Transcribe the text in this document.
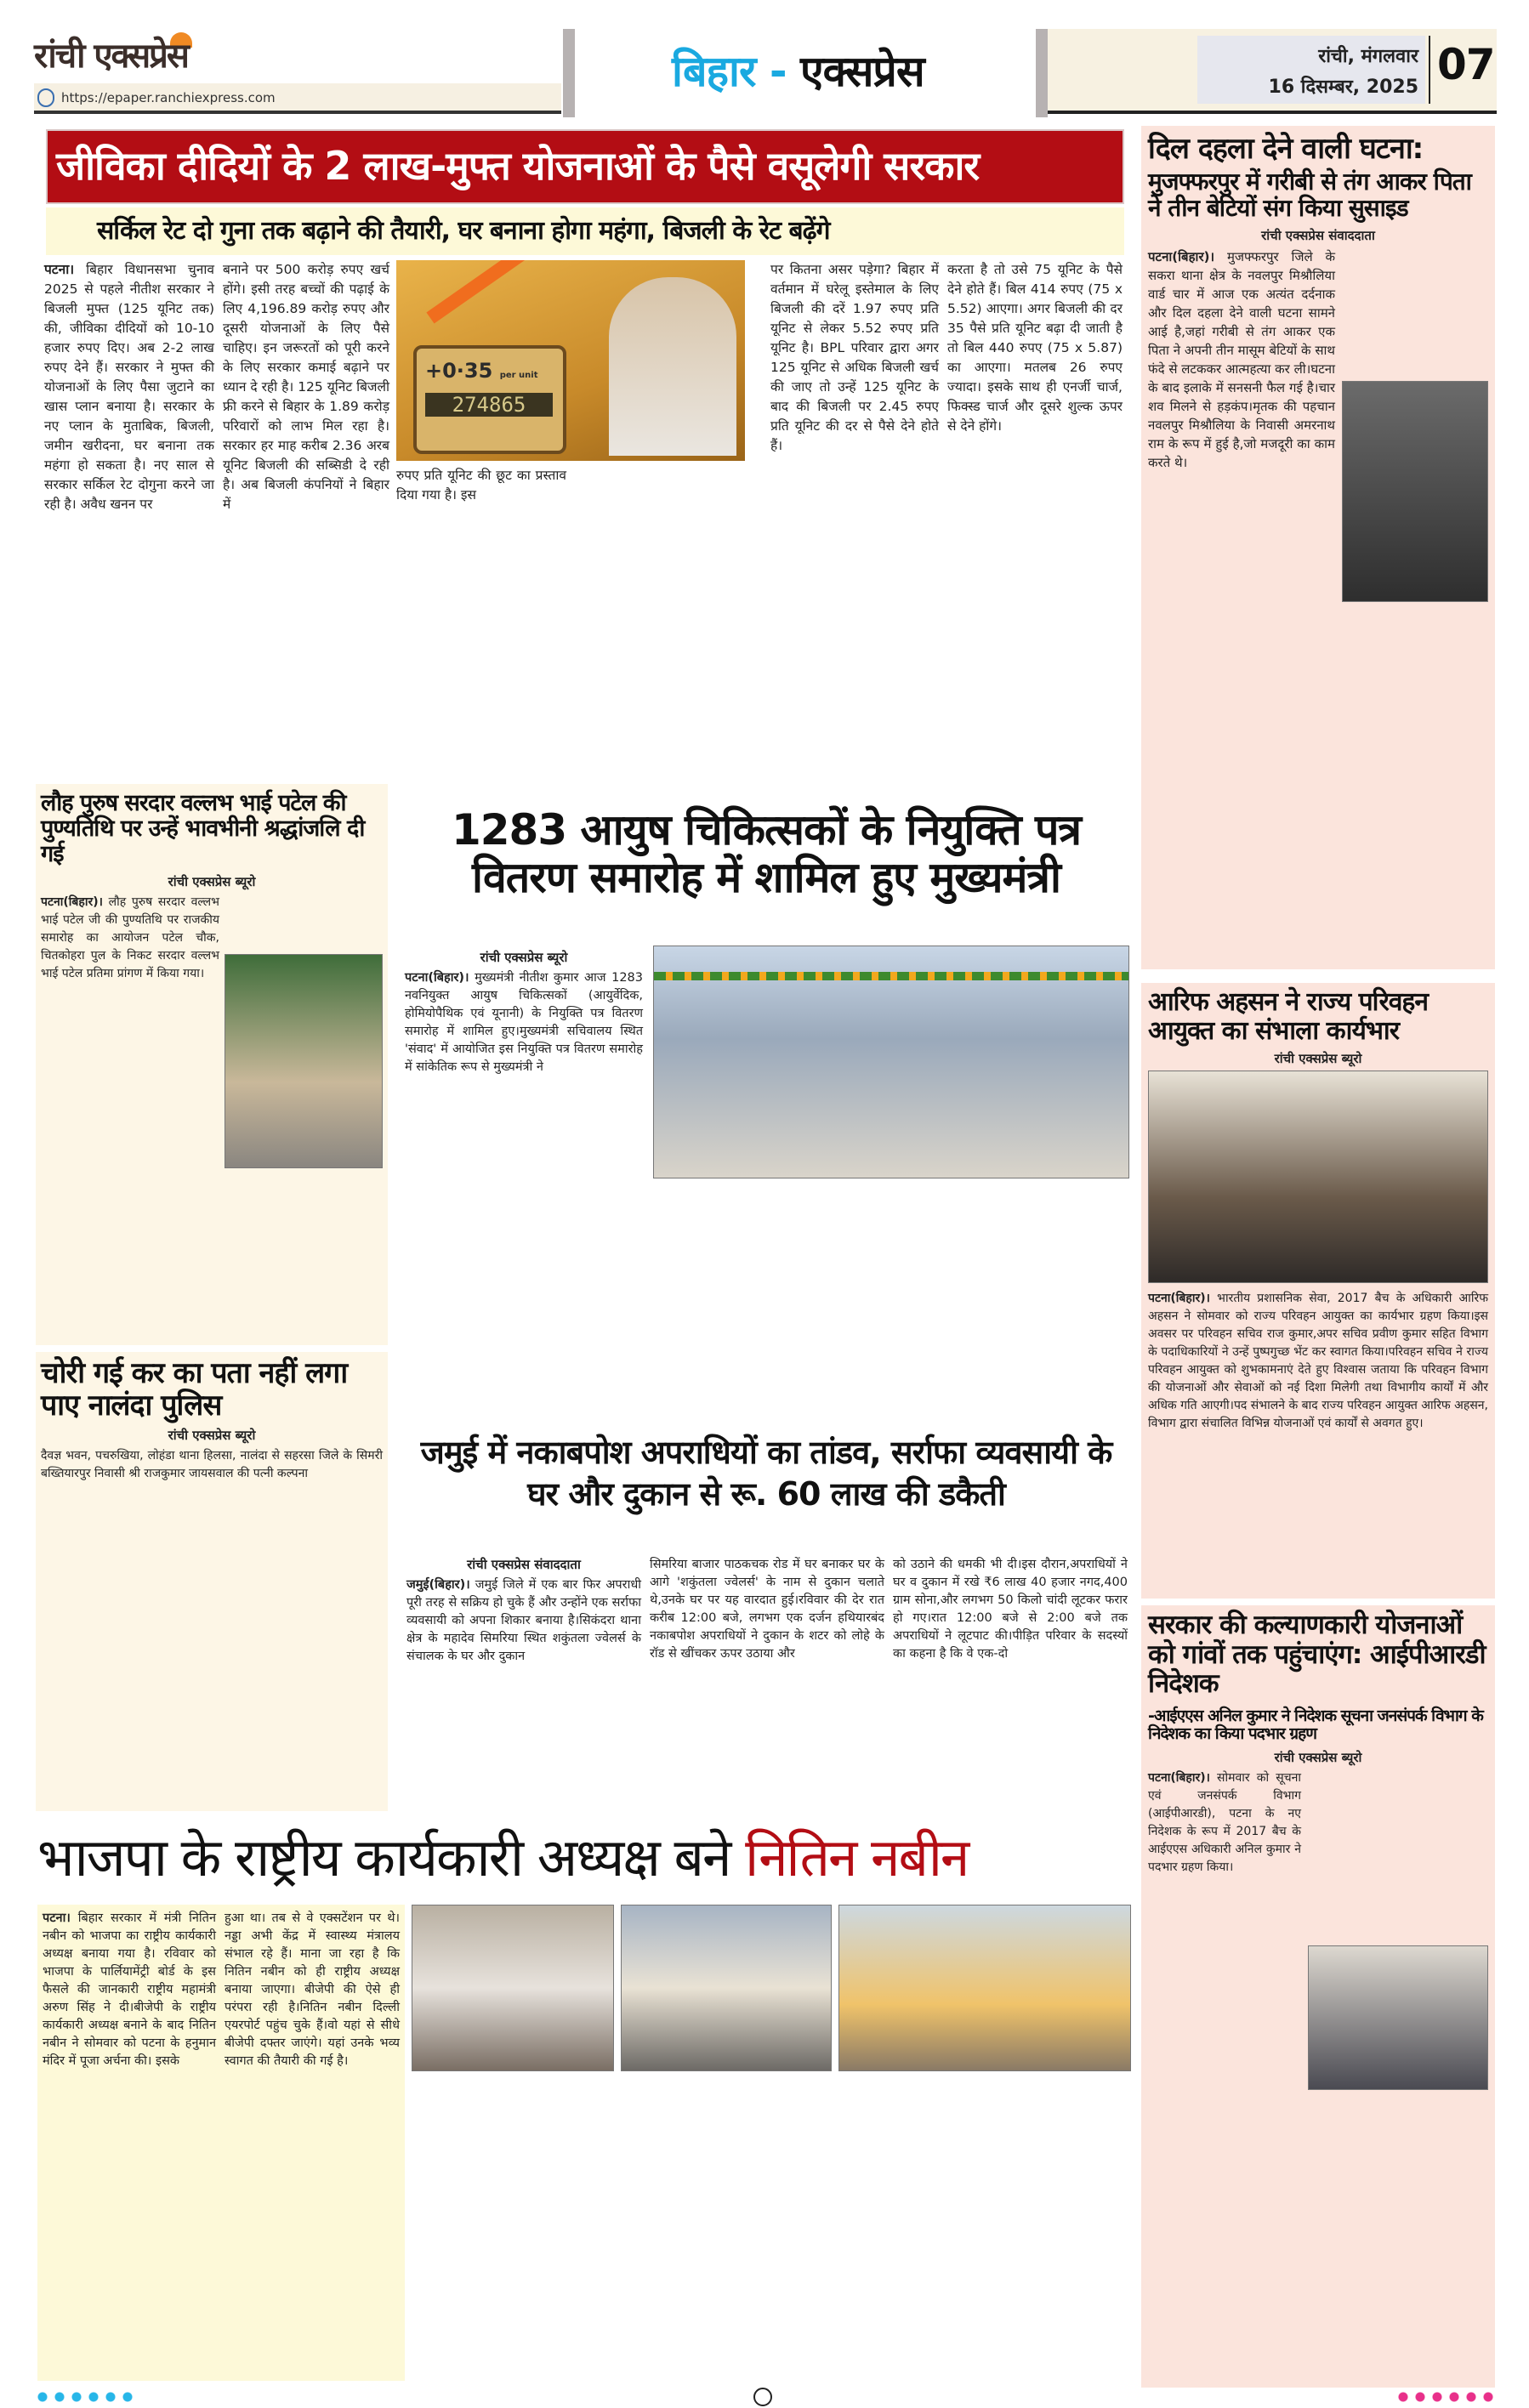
रांची एक्सप्रेस
https://epaper.ranchiexpress.com
बिहार - एक्सप्रेस	रांची, मंगलवार
16 दिसम्बर, 2025 07
जीविका दीदियों के 2 लाख-मुफ्त योजनाओं के पैसे वसूलेगी सरकार
सर्किल रेट दो गुना तक बढ़ाने की तैयारी, घर बनाना होगा महंगा, बिजली के रेट बढ़ेंगे
पटना। बिहार विधानसभा चुनाव 2025 से पहले नीतीश सरकार ने बिजली मुफ्त (125 यूनिट तक) की, जीविका दीदियों को 10-10 हजार रुपए दिए। अब 2-2 लाख रुपए देने हैं। सरकार ने मुफ्त की योजनाओं के लिए पैसा जुटाने का खास प्लान बनाया है। सरकार के नए प्लान के मुताबिक, बिजली, जमीन खरीदना, घर बनाना तक महंगा हो सकता है। नए साल से सरकार सर्किल रेट दोगुना करने जा रही है। अवैध खनन पर
बनाने पर 500 करोड़ रुपए खर्च होंगे। इसी तरह बच्चों की पढ़ाई के लिए 4,196.89 करोड़ रुपए और दूसरी योजनाओं के लिए पैसे चाहिए। इन जरूरतों को पूरी करने के लिए सरकार कमाई बढ़ाने पर ध्यान दे रही है। 125 यूनिट बिजली फ्री करने से बिहार के 1.89 करोड़ परिवारों को लाभ मिल रहा है। सरकार हर माह करीब 2.36 अरब यूनिट बिजली की सब्सिडी दे रही है। अब बिजली कंपनियों ने बिहार में
+0·35 per unit
274865
रुपए प्रति यूनिट की छूट का प्रस्ताव दिया गया है। इस
पर कितना असर पड़ेगा? बिहार में वर्तमान में घरेलू इस्तेमाल के लिए बिजली की दरें 1.97 रुपए प्रति यूनिट से लेकर 5.52 रुपए प्रति यूनिट है। BPL परिवार द्वारा अगर 125 यूनिट से अधिक बिजली खर्च की जाए तो उन्हें 125 यूनिट के बाद की बिजली पर 2.45 रुपए प्रति यूनिट की दर से पैसे देने होते हैं।
करता है तो उसे 75 यूनिट के पैसे देने होते हैं। बिल 414 रुपए (75 x 5.52) आएगा। अगर बिजली की दर 35 पैसे प्रति यूनिट बढ़ा दी जाती है तो बिल 440 रुपए (75 x 5.87) का आएगा। मतलब 26 रुपए ज्यादा। इसके साथ ही एनर्जी चार्ज, फिक्स्ड चार्ज और दूसरे शुल्क ऊपर से देने होंगे।
दिल दहला देने वाली घटना:
मुजफ्फरपुर में गरीबी से तंग आकर पिता ने तीन बेटियों संग किया सुसाइड
रांची एक्सप्रेस संवाददाता
पटना(बिहार)। मुजफ्फरपुर जिले के सकरा थाना क्षेत्र के नवलपुर मिश्रौलिया वार्ड चार में आज एक अत्यंत दर्दनाक और दिल दहला देने वाली घटना सामने आई है,जहां गरीबी से तंग आकर एक पिता ने अपनी तीन मासूम बेटियों के साथ फंदे से लटककर आत्महत्या कर ली।घटना के बाद इलाके में सनसनी फैल गई है।चार शव मिलने से हड़कंप।मृतक की पहचान नवलपुर मिश्रौलिया के निवासी अमरनाथ राम के रूप में हुई है,जो मजदूरी का काम करते थे।
लौह पुरुष सरदार वल्लभ भाई पटेल की पुण्यतिथि पर उन्हें भावभीनी श्रद्धांजलि दी गई
रांची एक्सप्रेस ब्यूरो
पटना(बिहार)। लौह पुरुष सरदार वल्लभ भाई पटेल जी की पुण्यतिथि पर राजकीय समारोह का आयोजन पटेल चौक, चितकोहरा पुल के निकट सरदार वल्लभ भाई पटेल प्रतिमा प्रांगण में किया गया।
चोरी गई कर का पता नहीं लगा पाए नालंदा पुलिस
रांची एक्सप्रेस ब्यूरो
दैवज्ञ भवन, पचरुखिया, लोहंडा थाना हिलसा, नालंदा से सहरसा जिले के सिमरी बख्तियारपुर निवासी श्री राजकुमार जायसवाल की पत्नी कल्पना
1283 आयुष चिकित्सकों के नियुक्ति पत्र वितरण समारोह में शामिल हुए मुख्यमंत्री
रांची एक्सप्रेस ब्यूरो
पटना(बिहार)। मुख्यमंत्री नीतीश कुमार आज 1283 नवनियुक्त आयुष चिकित्सकों (आयुर्वेदिक, होमियोपैथिक एवं यूनानी) के नियुक्ति पत्र वितरण समारोह में शामिल हुए।मुख्यमंत्री सचिवालय स्थित 'संवाद' में आयोजित इस नियुक्ति पत्र वितरण समारोह में सांकेतिक रूप से मुख्यमंत्री ने
जमुई में नकाबपोश अपराधियों का तांडव, सर्राफा व्यवसायी के घर और दुकान से रू. 60 लाख की डकैती
रांची एक्सप्रेस संवाददाता
जमुई(बिहार)। जमुई जिले में एक बार फिर अपराधी पूरी तरह से सक्रिय हो चुके हैं और उन्होंने एक सर्राफा व्यवसायी को अपना शिकार बनाया है।सिकंदरा थाना क्षेत्र के महादेव सिमरिया स्थित शकुंतला ज्वेलर्स के संचालक के घर और दुकान
सिमरिया बाजार पाठकचक रोड में घर बनाकर घर के आगे 'शकुंतला ज्वेलर्स' के नाम से दुकान चलाते थे,उनके घर पर यह वारदात हुई।रविवार की देर रात करीब 12:00 बजे, लगभग एक दर्जन हथियारबंद नकाबपोश अपराधियों ने दुकान के शटर को लोहे के रॉड से खींचकर ऊपर उठाया और
को उठाने की धमकी भी दी।इस दौरान,अपराधियों ने घर व दुकान में रखे ₹6 लाख 40 हजार नगद,400 ग्राम सोना,और लगभग 50 किलो चांदी लूटकर फरार हो गए।रात 12:00 बजे से 2:00 बजे तक अपराधियों ने लूटपाट की।पीड़ित परिवार के सदस्यों का कहना है कि वे एक-दो
आरिफ अहसन ने राज्य परिवहन आयुक्त का संभाला कार्यभार
रांची एक्सप्रेस ब्यूरो
पटना(बिहार)। भारतीय प्रशासनिक सेवा, 2017 बैच के अधिकारी आरिफ अहसन ने सोमवार को राज्य परिवहन आयुक्त का कार्यभार ग्रहण किया।इस अवसर पर परिवहन सचिव राज कुमार,अपर सचिव प्रवीण कुमार सहित विभाग के पदाधिकारियों ने उन्हें पुष्पगुच्छ भेंट कर स्वागत किया।परिवहन सचिव ने राज्य परिवहन आयुक्त को शुभकामनाएं देते हुए विश्वास जताया कि परिवहन विभाग की योजनाओं और सेवाओं को नई दिशा मिलेगी तथा विभागीय कार्यों में और अधिक गति आएगी।पद संभालने के बाद राज्य परिवहन आयुक्त आरिफ अहसन, विभाग द्वारा संचालित विभिन्न योजनाओं एवं कार्यों से अवगत हुए।
सरकार की कल्याणकारी योजनाओं को गांवों तक पहुंचाएंग: आईपीआरडी निदेशक
-आईएएस अनिल कुमार ने निदेशक सूचना जनसंपर्क विभाग के निदेशक का किया पदभार ग्रहण
रांची एक्सप्रेस ब्यूरो
पटना(बिहार)। सोमवार को सूचना एवं जनसंपर्क विभाग (आईपीआरडी), पटना के नए निदेशक के रूप में 2017 बैच के आईएएस अधिकारी अनिल कुमार ने पदभार ग्रहण किया।
भाजपा के राष्ट्रीय कार्यकारी अध्यक्ष बने नितिन नबीन
पटना। बिहार सरकार में मंत्री नितिन नबीन को भाजपा का राष्ट्रीय कार्यकारी अध्यक्ष बनाया गया है। रविवार को भाजपा के पार्लियामेंट्री बोर्ड के इस फैसले की जानकारी राष्ट्रीय महामंत्री अरुण सिंह ने दी।बीजेपी के राष्ट्रीय कार्यकारी अध्यक्ष बनाने के बाद नितिन नबीन ने सोमवार को पटना के हनुमान मंदिर में पूजा अर्चना की। इसके
हुआ था। तब से वे एक्सटेंशन पर थे। नड्डा अभी केंद्र में स्वास्थ्य मंत्रालय संभाल रहे हैं। माना जा रहा है कि नितिन नबीन को ही राष्ट्रीय अध्यक्ष बनाया जाएगा। बीजेपी की ऐसे ही परंपरा रही है।नितिन नबीन दिल्ली एयरपोर्ट पहुंच चुके हैं।वो यहां से सीधे बीजेपी दफ्तर जाएंगे। यहां उनके भव्य स्वागत की तैयारी की गई है।
